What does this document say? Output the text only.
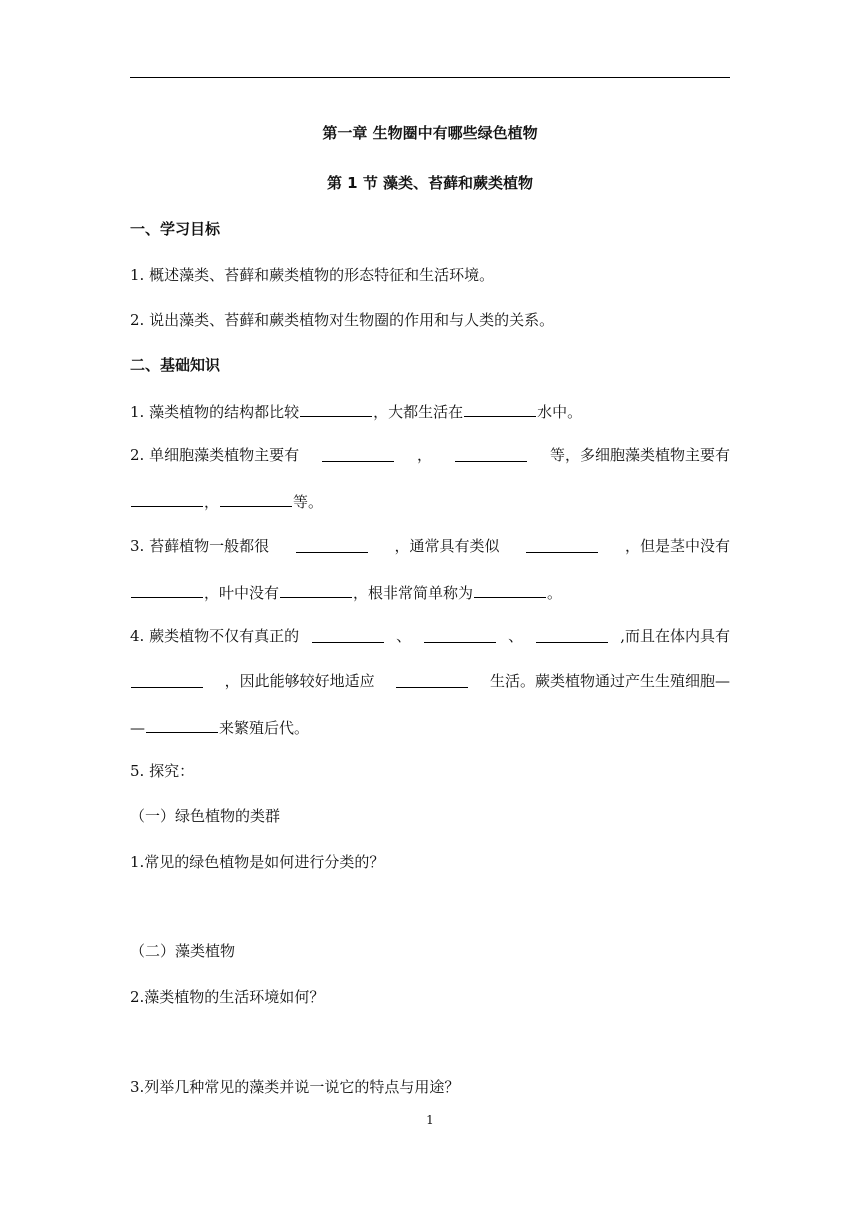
第一章 生物圈中有哪些绿色植物
第 1 节 藻类、苔藓和蕨类植物
一、学习目标
1. 概述藻类、苔藓和蕨类植物的形态特征和生活环境。
2. 说出藻类、苔藓和蕨类植物对生物圈的作用和与人类的关系。
二、基础知识
1. 藻类植物的结构都比较	，大都生活在	水中。
2. 单细胞藻类植物主要有	，	等，多细胞藻类植物主要有
，	等。
3. 苔藓植物一般都很	，通常具有类似	，但是茎中没有
，叶中没有	，根非常简单称为	。
4. 蕨类植物不仅有真正的	、	、	,而且在体内具有
，因此能够较好地适应	生活。蕨类植物通过产生生殖细胞—
—	来繁殖后代。
5. 探究：
（一）绿色植物的类群
1.常见的绿色植物是如何进行分类的？
（二）藻类植物
2.藻类植物的生活环境如何？
3.列举几种常见的藻类并说一说它的特点与用途？
1
